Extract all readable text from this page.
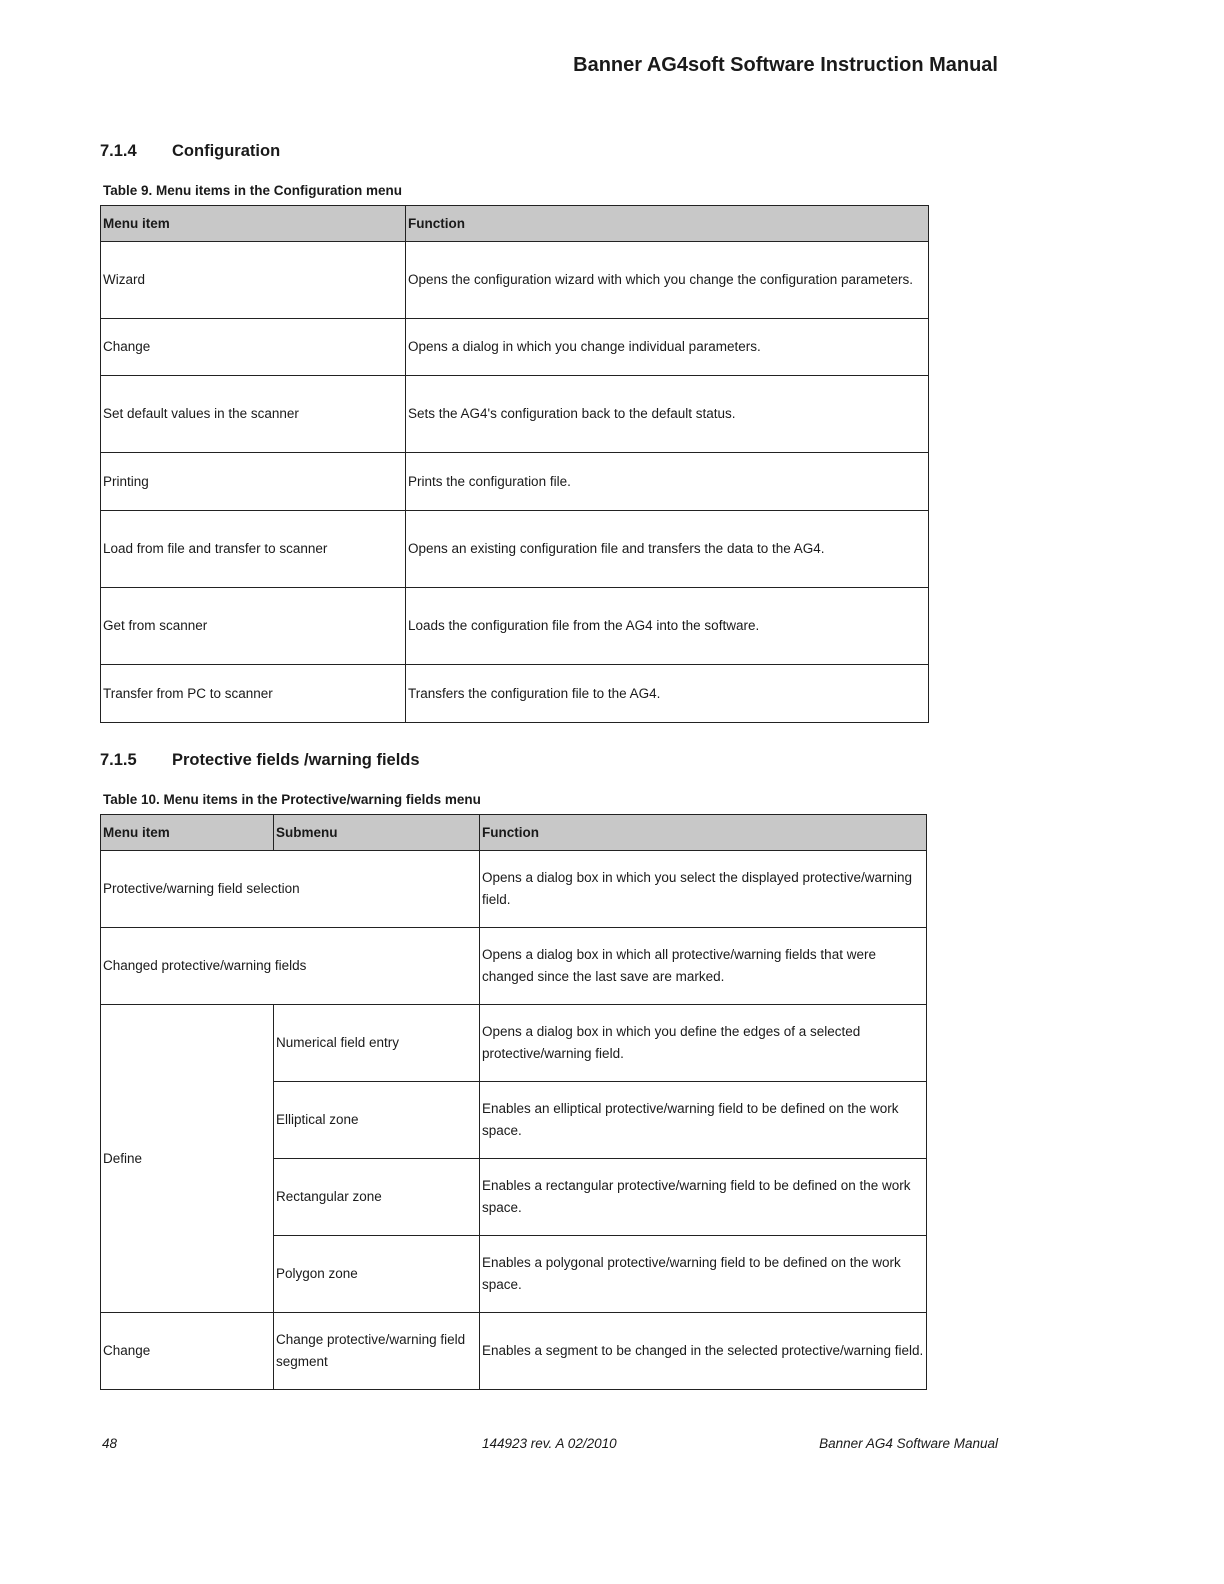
Banner AG4soft Software Instruction Manual
7.1.4 Configuration

Table 9. Menu items in the Configuration menu

Menu item	Function
Wizard	Opens the configuration wizard with which you change the configuration parameters.
Change	Opens a dialog in which you change individual parameters.
Set default values in the scanner	Sets the AG4's configuration back to the default status.
Printing	Prints the configuration file.
Load from file and transfer to scanner	Opens an existing configuration file and transfers the data to the AG4.
Get from scanner	Loads the configuration file from the AG4 into the software.
Transfer from PC to scanner	Transfers the configuration file to the AG4.
7.1.5 Protective fields /warning fields

Table 10. Menu items in the Protective/warning fields menu

Menu item	Submenu	Function
Protective/warning field selection		Opens a dialog box in which you select the displayed protective/warning field.
Changed protective/warning fields		Opens a dialog box in which all protective/warning fields that were changed since the last save are marked.
Define	Numerical field entry	Opens a dialog box in which you define the edges of a selected protective/warning field.
	Elliptical zone	Enables an elliptical protective/warning field to be defined on the work space.
	Rectangular zone	Enables a rectangular protective/warning field to be defined on the work space.
	Polygon zone	Enables a polygonal protective/warning field to be defined on the work space.
Change	Change protective/warning field segment	Enables a segment to be changed in the selected protective/warning field.

48	144923 rev. A 02/2010	Banner AG4 Software Manual
